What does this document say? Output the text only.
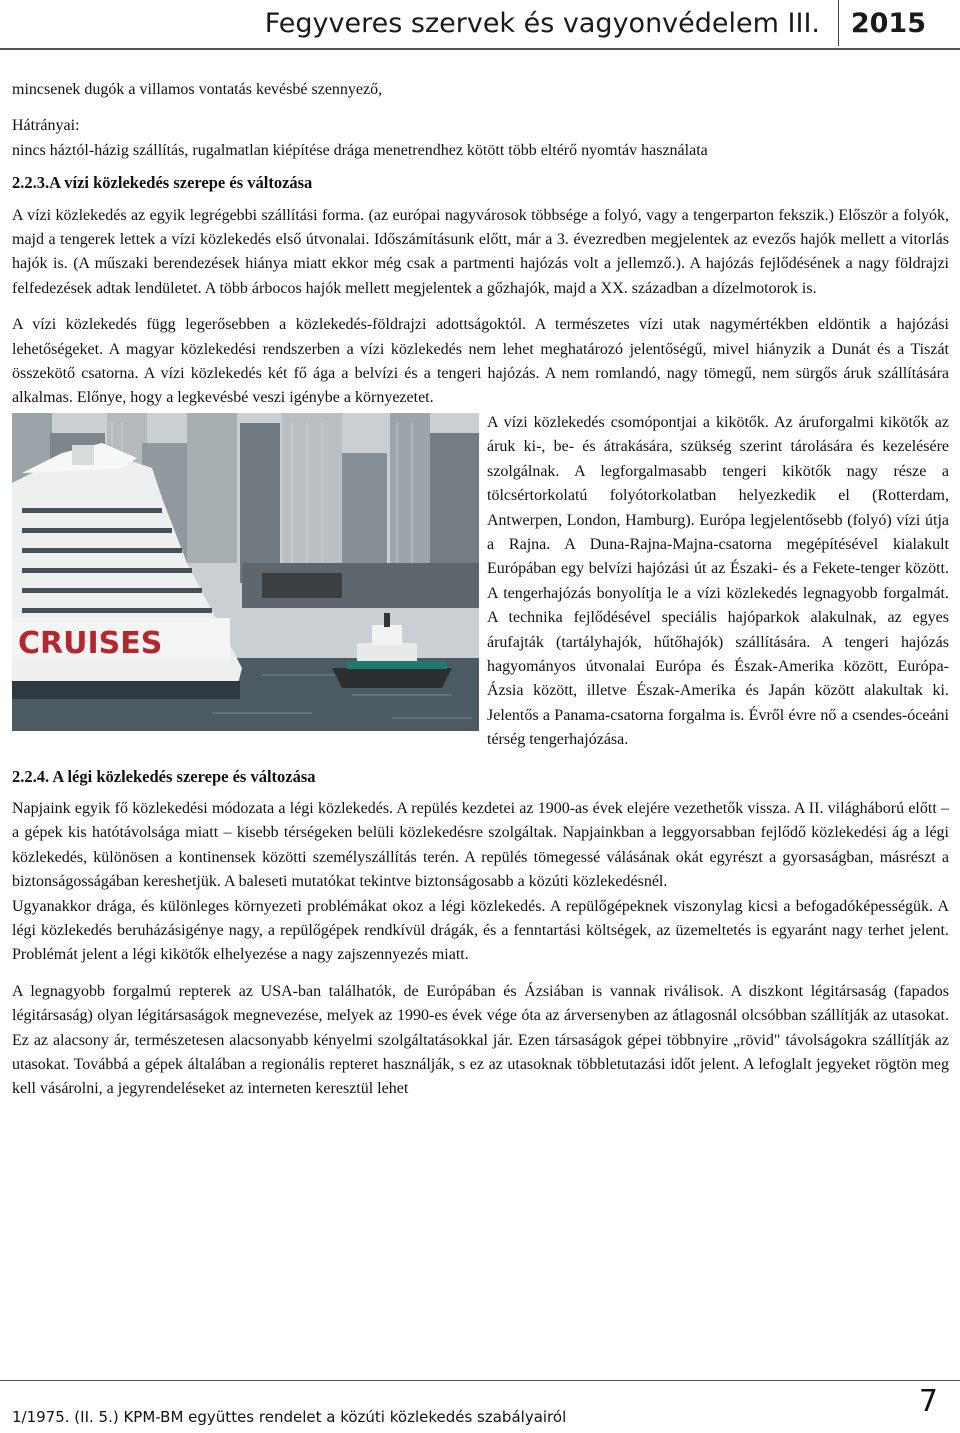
Fegyveres szervek és vagyonvédelem III. 2015

mincsenek dugók a villamos vontatás kevésbé szennyező,

Hátrányai:

nincs háztól-házig szállítás, rugalmatlan kiépítése drága menetrendhez kötött több eltérő nyomtáv használata

2.2.3.A vízi közlekedés szerepe és változása

A vízi közlekedés az egyik legrégebbi szállítási forma. (az európai nagyvárosok többsége a folyó, vagy a tengerparton fekszik.) Először a folyók, majd a tengerek lettek a vízi közlekedés első útvonalai. Időszámításunk előtt, már a 3. évezredben megjelentek az evezős hajók mellett a vitorlás hajók is. (A műszaki berendezések hiánya miatt ekkor még csak a partmenti hajózás volt a jellemző.). A hajózás fejlődésének a nagy földrajzi felfedezések adtak lendületet. A több árbocos hajók mellett megjelentek a gőzhajók, majd a XX. században a dízelmotorok is.

A vízi közlekedés függ legerősebben a közlekedés-földrajzi adottságoktól. A természetes vízi utak nagymértékben eldöntik a hajózási lehetőségeket. A magyar közlekedési rendszerben a vízi közlekedés nem lehet meghatározó jelentőségű, mivel hiányzik a Dunát és a Tiszát összekötő csatorna. A vízi közlekedés két fő ága a belvízi és a tengeri hajózás. A nem romlandó, nagy tömegű, nem sürgős áruk szállítására alkalmas. Előnye, hogy a legkevésbé veszi igénybe a környezetet.

CRUISES

A vízi közlekedés csomópontjai a kikötők. Az áruforgalmi kikötők az áruk ki-, be- és átrakására, szükség szerint tárolására és kezelésére szolgálnak. A legforgalmasabb tengeri kikötők nagy része a tölcsértorkolatú folyótorkolatban helyezkedik el (Rotterdam, Antwerpen, London, Hamburg). Európa legjelentősebb (folyó) vízi útja a Rajna. A Duna-Rajna-Majna-csatorna megépítésével kialakult Európában egy belvízi hajózási út az Északi- és a Fekete-tenger között. A tengerhajózás bonyolítja le a vízi közlekedés legnagyobb forgalmát. A technika fejlődésével speciális hajóparkok alakulnak, az egyes árufajták (tartályhajók, hűtőhajók) szállítására. A tengeri hajózás hagyományos útvonalai Európa és Észak-Amerika között, Európa-Ázsia között, illetve Észak-Amerika és Japán között alakultak ki. Jelentős a Panama-csatorna forgalma is. Évről évre nő a csendes-óceáni térség tengerhajózása.

2.2.4. A légi közlekedés szerepe és változása

Napjaink egyik fő közlekedési módozata a légi közlekedés. A repülés kezdetei az 1900-as évek elejére vezethetők vissza. A II. világháború előtt – a gépek kis hatótávolsága miatt – kisebb térségeken belüli közlekedésre szolgáltak. Napjainkban a leggyorsabban fejlődő közlekedési ág a légi közlekedés, különösen a kontinensek közötti személyszállítás terén. A repülés tömegessé válásának okát egyrészt a gyorsaságban, másrészt a biztonságosságában kereshetjük. A baleseti mutatókat tekintve biztonságosabb a közúti közlekedésnél.

Ugyanakkor drága, és különleges környezeti problémákat okoz a légi közlekedés. A repülőgépeknek viszonylag kicsi a befogadóképességük. A légi közlekedés beruházásigénye nagy, a repülőgépek rendkívül drágák, és a fenntartási költségek, az üzemeltetés is egyaránt nagy terhet jelent. Problémát jelent a légi kikötők elhelyezése a nagy zajszennyezés miatt.

A legnagyobb forgalmú repterek az USA-ban találhatók, de Európában és Ázsiában is vannak riválisok. A diszkont légitársaság (fapados légitársaság) olyan légitársaságok megnevezése, melyek az 1990-es évek vége óta az árversenyben az átlagosnál olcsóbban szállítják az utasokat. Ez az alacsony ár, természetesen alacsonyabb kényelmi szolgáltatásokkal jár. Ezen társaságok gépei többnyire „rövid" távolságokra szállítják az utasokat. Továbbá a gépek általában a regionális repteret használják, s ez az utasoknak többletutazási időt jelent. A lefoglalt jegyeket rögtön meg kell vásárolni, a jegyrendeléseket az interneten keresztül lehet

1/1975. (II. 5.) KPM-BM együttes rendelet a közúti közlekedés szabályairól	7
